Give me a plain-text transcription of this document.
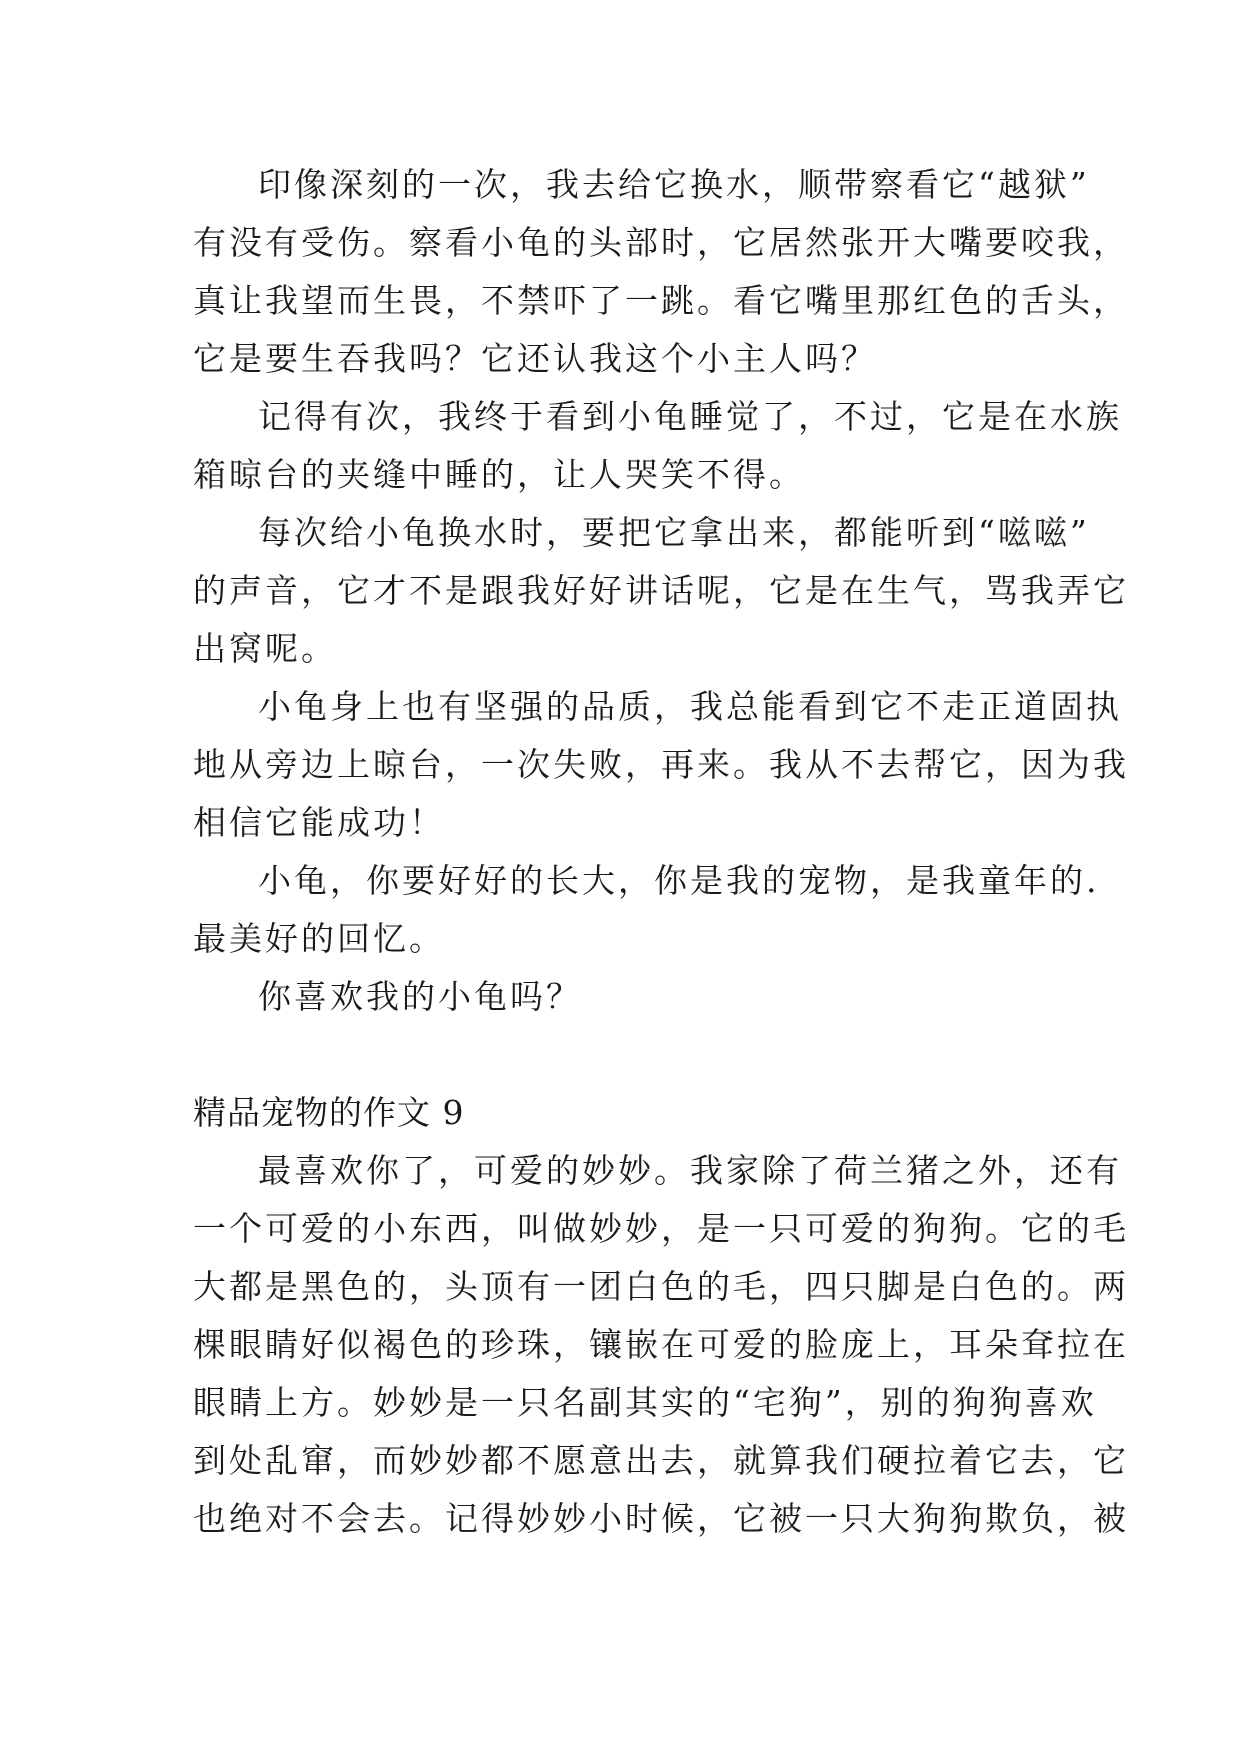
印像深刻的一次，我去给它换水，顺带察看它“越狱”
有没有受伤。察看小龟的头部时，它居然张开大嘴要咬我，
真让我望而生畏，不禁吓了一跳。看它嘴里那红色的舌头，
它是要生吞我吗？它还认我这个小主人吗？
记得有次，我终于看到小龟睡觉了，不过，它是在水族
箱晾台的夹缝中睡的，让人哭笑不得。
每次给小龟换水时，要把它拿出来，都能听到“嗞嗞”
的声音，它才不是跟我好好讲话呢，它是在生气，骂我弄它
出窝呢。
小龟身上也有坚强的品质，我总能看到它不走正道固执
地从旁边上晾台，一次失败，再来。我从不去帮它，因为我
相信它能成功！
小龟，你要好好的长大，你是我的宠物，是我童年的.
最美好的回忆。
你喜欢我的小龟吗？
精品宠物的作文 9
最喜欢你了，可爱的妙妙。我家除了荷兰猪之外，还有
一个可爱的小东西，叫做妙妙，是一只可爱的狗狗。它的毛
大都是黑色的，头顶有一团白色的毛，四只脚是白色的。两
棵眼睛好似褐色的珍珠，镶嵌在可爱的脸庞上，耳朵耷拉在
眼睛上方。妙妙是一只名副其实的“宅狗”，别的狗狗喜欢
到处乱窜，而妙妙都不愿意出去，就算我们硬拉着它去，它
也绝对不会去。记得妙妙小时候，它被一只大狗狗欺负，被
